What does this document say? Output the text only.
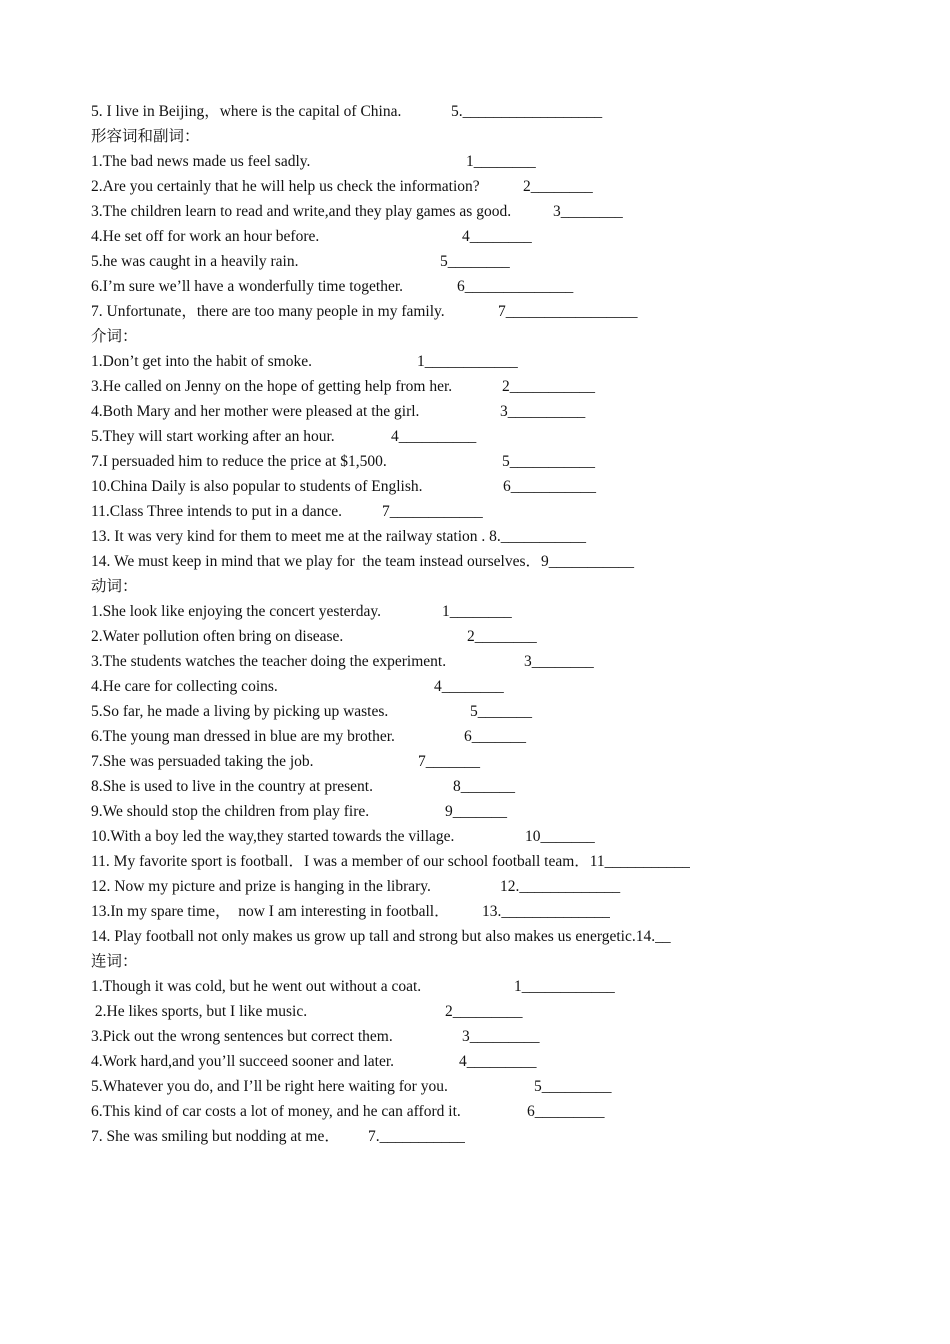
5. I live in Beijing，where is the capital of China.	5.__________________
形容词和副词：
1.The bad news made us feel sadly.	1________
2.Are you certainly that he will help us check the information?	2________
3.The children learn to read and write,and they play games as good.	3________
4.He set off for work an hour before.	4________
5.he was caught in a heavily rain.	5________
6.I’m sure we’ll have a wonderfully time together.	6______________
7. Unfortunate，there are too many people in my family.	7_________________
介词：
1.Don’t get into the habit of smoke.	1____________
3.He called on Jenny on the hope of getting help from her.	2___________
4.Both Mary and her mother were pleased at the girl.	3__________
5.They will start working after an hour.	4__________
7.I persuaded him to reduce the price at $1,500.	5___________
10.China Daily is also popular to students of English.	6___________
11.Class Three intends to put in a dance.	7____________
13. It was very kind for them to meet me at the railway station . 8.___________
14. We must keep in mind that we play for  the team instead ourselves．9___________
动词：
1.She look like enjoying the concert yesterday.	1________
2.Water pollution often bring on disease.	2________
3.The students watches the teacher doing the experiment.	3________
4.He care for collecting coins.	4________
5.So far, he made a living by picking up wastes.	5_______
6.The young man dressed in blue are my brother.	6_______
7.She was persuaded taking the job.	7_______
8.She is used to live in the country at present.	8_______
9.We should stop the children from play fire.	9_______
10.With a boy led the way,they started towards the village.	10_______
11. My favorite sport is football．I was a member of our school football team．11___________
12. Now my picture and prize is hanging in the library.	12._____________
13.In my spare time，  now I am interesting in football． 13.______________
14. Play football not only makes us grow up tall and strong but also makes us energetic.14.__
连词：
1.Though it was cold, but he went out without a coat.	1____________
2.He likes sports, but I like music.	2_________
3.Pick out the wrong sentences but correct them.	3_________
4.Work hard,and you’ll succeed sooner and later.	4_________
5.Whatever you do, and I’ll be right here waiting for you.	5_________
6.This kind of car costs a lot of money, and he can afford it.	6_________
7. She was smiling but nodding at me． 7.___________
